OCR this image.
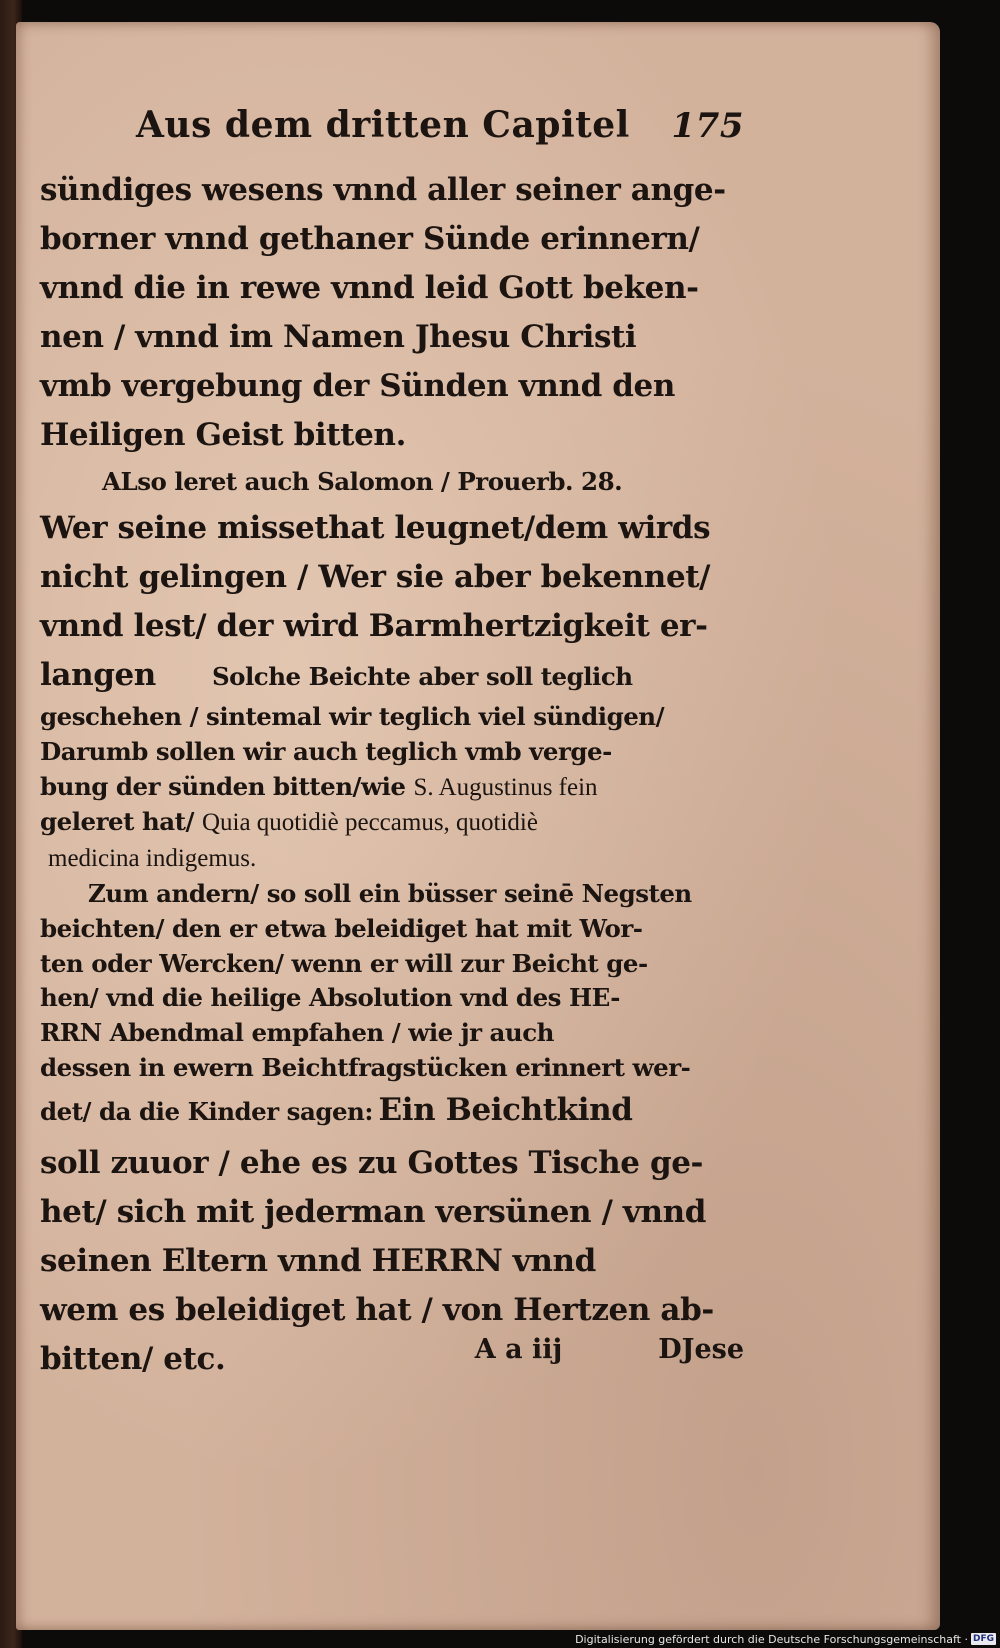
Aus dem dritten Capitel 175
sündiges wesens vnnd aller seiner ange-
borner vnnd gethaner Sünde erinnern/
vnnd die in rewe vnnd leid Gott beken-
nen / vnnd im Namen Jhesu Christi
vmb vergebung der Sünden vnnd den
Heiligen Geist bitten.
ALso leret auch Salomon / Prouerb. 28.
Wer seine missethat leugnet/dem wirds
nicht gelingen / Wer sie aber bekennet/
vnnd lest/ der wird Barmhertzigkeit er-
langen Solche Beichte aber soll teglich
geschehen / sintemal wir teglich viel sündigen/
Darumb sollen wir auch teglich vmb verge-
bung der sünden bitten/wie S. Augustinus fein
geleret hat/ Quia quotidiè peccamus, quotidiè
medicina indigemus.
Zum andern/ so soll ein büsser seinē Negsten
beichten/ den er etwa beleidiget hat mit Wor-
ten oder Wercken/ wenn er will zur Beicht ge-
hen/ vnd die heilige Absolution vnd des HE-
RRN Abendmal empfahen / wie jr auch
dessen in ewern Beichtfragstücken erinnert wer-
det/ da die Kinder sagen: Ein Beichtkind
soll zuuor / ehe es zu Gottes Tische ge-
het/ sich mit jederman versünen / vnnd
seinen Eltern vnnd HERRN vnnd
wem es beleidiget hat / von Hertzen ab-
bitten/ etc.	A a iij	DJese
Digitalisierung gefördert durch die Deutsche Forschungsgemeinschaft · DFG
